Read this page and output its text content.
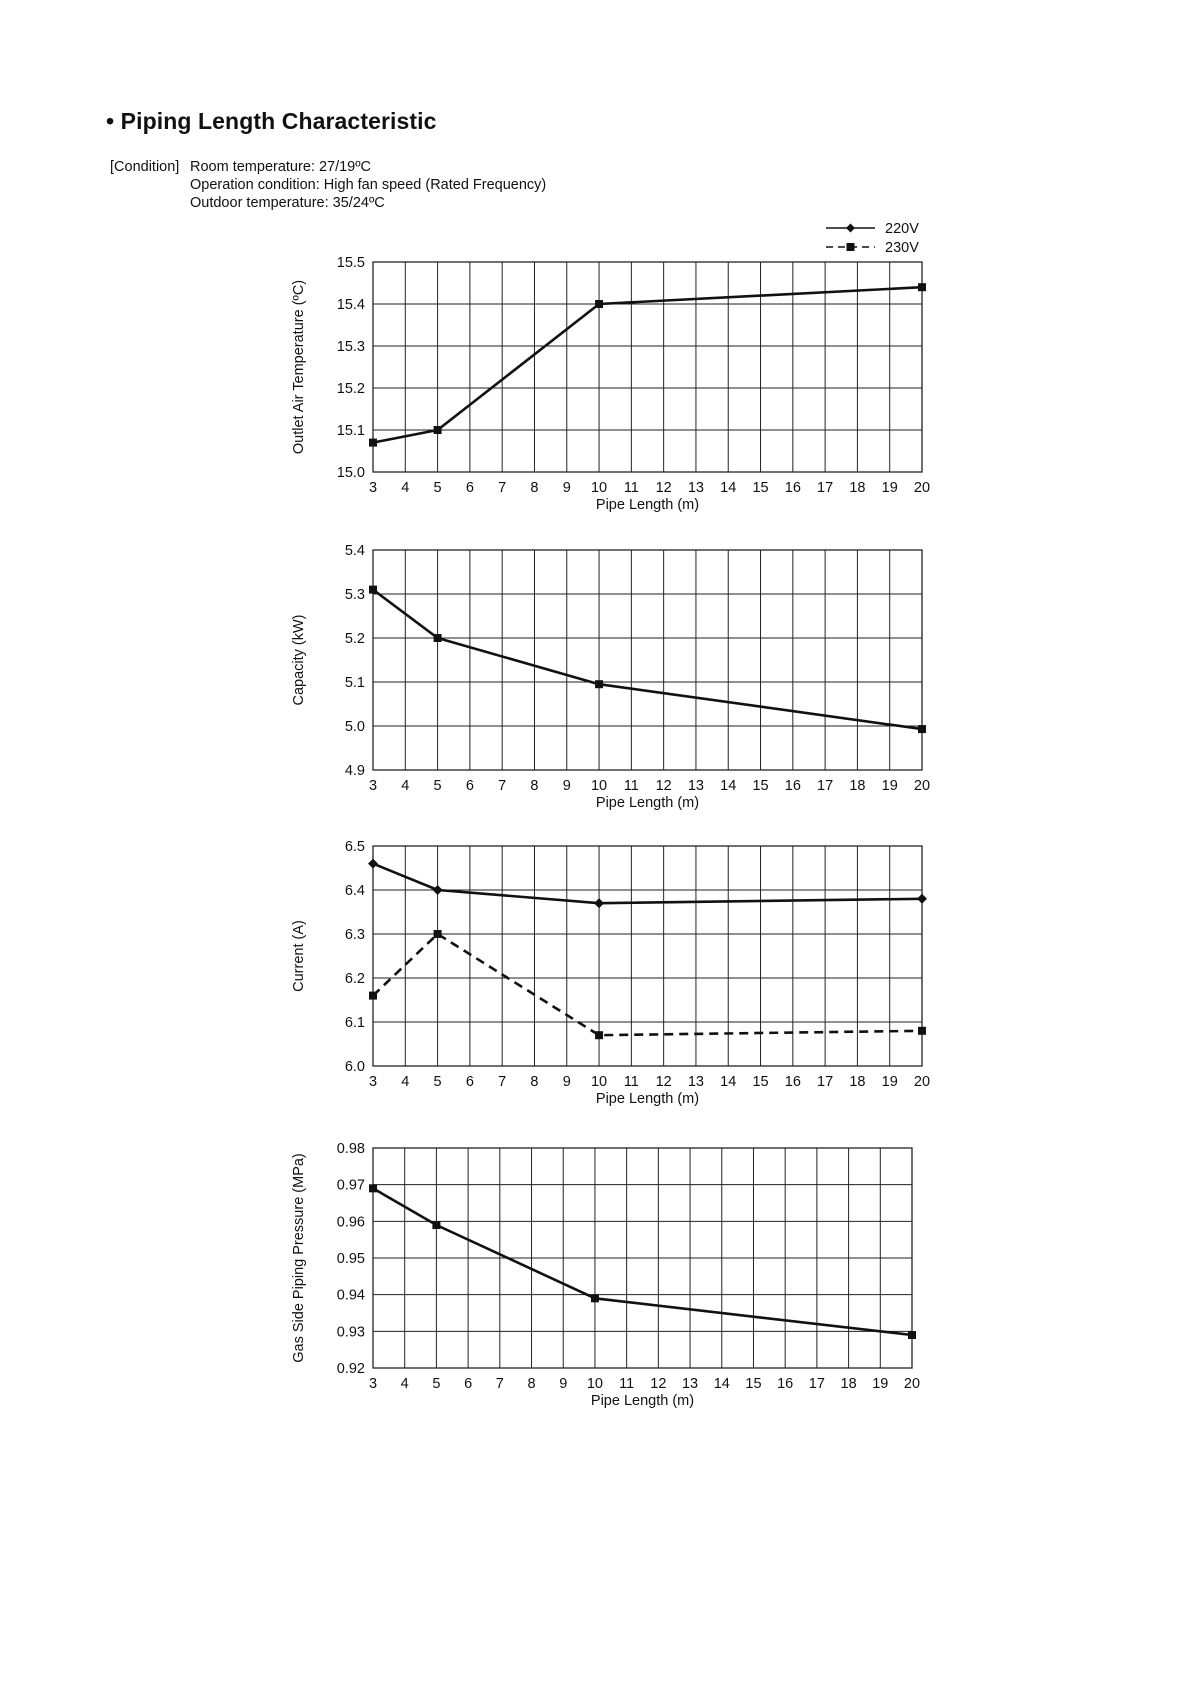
• Piping Length Characteristic
[Condition] Room temperature: 27/19ºC
Operation condition: High fan speed (Rated Frequency)
Outdoor temperature: 35/24ºC
220V
230V
3 4 5 6 7 8 9 10 11 12 13 14 15 16 17 18 19 20
15.0
15.1
15.2
15.3
15.4
15.5
Pipe Length (m)
Outlet Air Temperature (ºC)
3 4 5 6 7 8 9 10 11 12 13 14 15 16 17 18 19 20
4.9
5.0
5.1
5.2
5.3
5.4
Pipe Length (m)
Capacity (kW)
3 4 5 6 7 8 9 10 11 12 13 14 15 16 17 18 19 20
6.0
6.1
6.2
6.3
6.4
6.5
Pipe Length (m)
Current (A)
3 4 5 6 7 8 9 10 11 12 13 14 15 16 17 18 19 20
0.92
0.93
0.94
0.95
0.96
0.97
0.98
Pipe Length (m)
Gas Side Piping Pressure (MPa)
